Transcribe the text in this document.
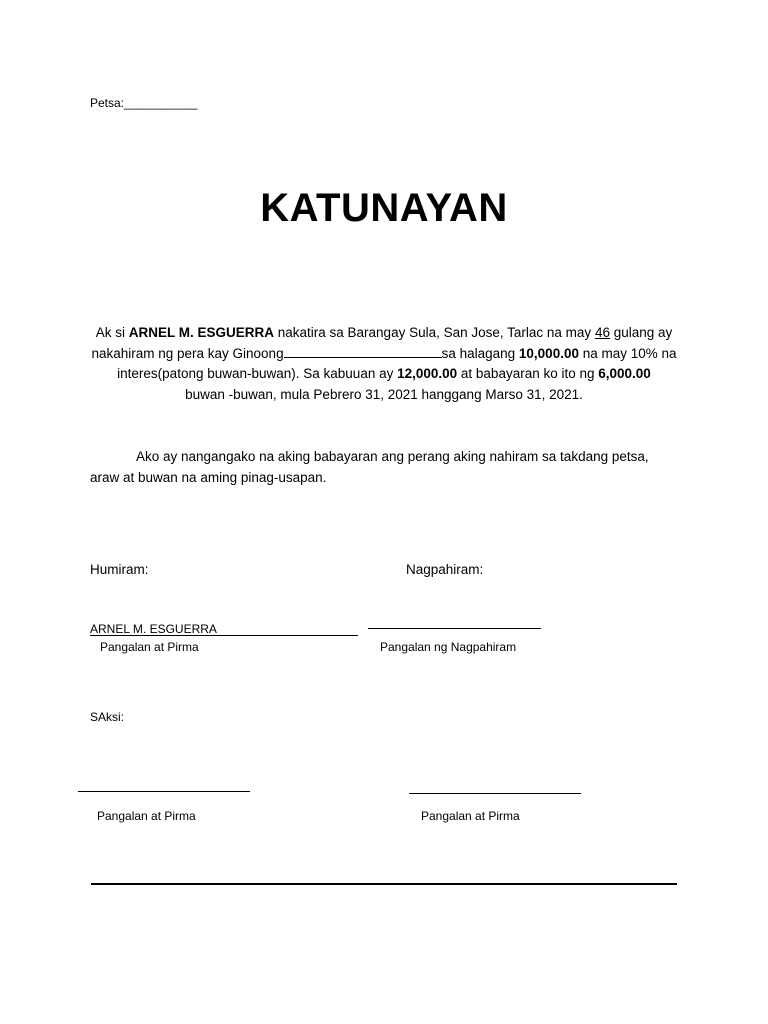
Petsa:___________
KATUNAYAN
Ak si ARNEL M. ESGUERRA nakatira sa Barangay Sula, San Jose, Tarlac na may 46 gulang ay
nakahiram ng pera kay Ginoong	sa halagang 10,000.00 na may 10% na
interes(patong buwan-buwan). Sa kabuuan ay 12,000.00 at babayaran ko ito ng 6,000.00
buwan -buwan, mula Pebrero 31, 2021 hanggang Marso 31, 2021.
Ako ay nangangako na aking babayaran ang perang aking nahiram sa takdang petsa,
araw at buwan na aming pinag-usapan.
Humiram:	Nagpahiram:
ARNEL M. ESGUERRA
Pangalan at Pirma	Pangalan ng Nagpahiram
SAksi:
Pangalan at Pirma	Pangalan at Pirma
